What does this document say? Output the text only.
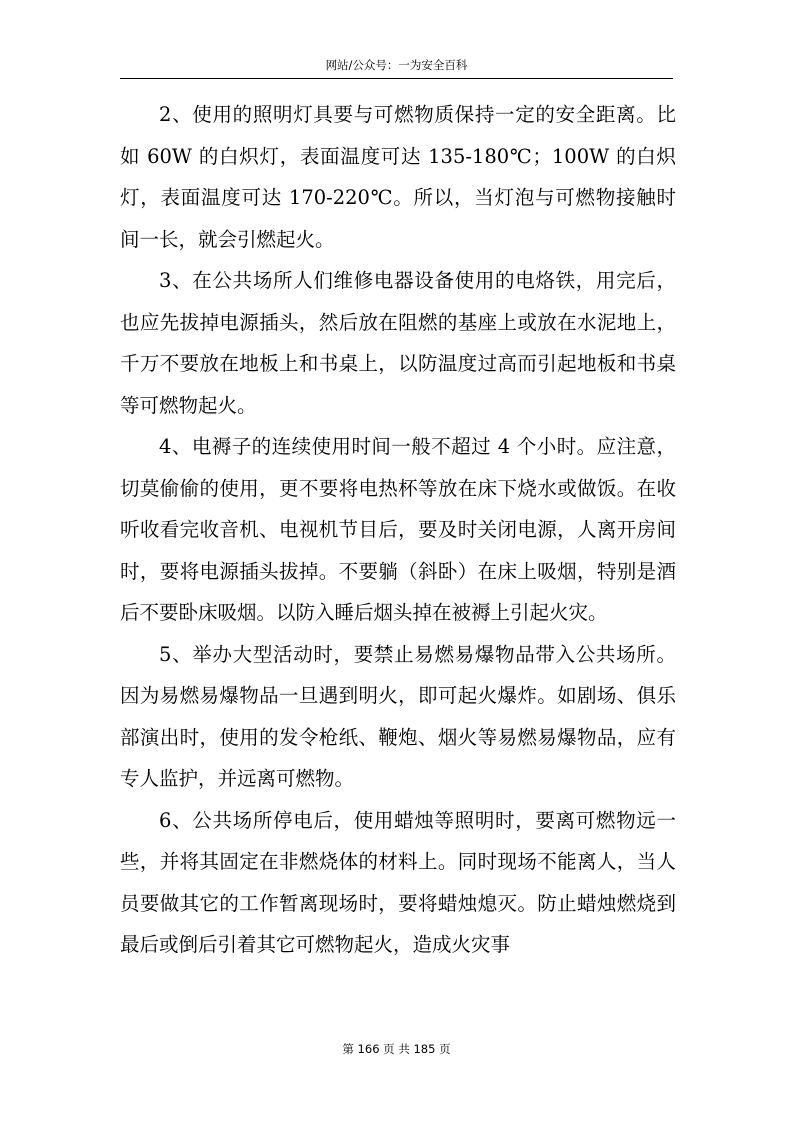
网站/公众号：一为安全百科

2、使用的照明灯具要与可燃物质保持一定的安全距离。比如 60W 的白炽灯，表面温度可达 135-180℃；100W 的白炽灯，表面温度可达 170-220℃。所以，当灯泡与可燃物接触时间一长，就会引燃起火。

3、在公共场所人们维修电器设备使用的电烙铁，用完后，也应先拔掉电源插头，然后放在阻燃的基座上或放在水泥地上，千万不要放在地板上和书桌上，以防温度过高而引起地板和书桌等可燃物起火。

4、电褥子的连续使用时间一般不超过 4 个小时。应注意，切莫偷偷的使用，更不要将电热杯等放在床下烧水或做饭。在收听收看完收音机、电视机节目后，要及时关闭电源，人离开房间时，要将电源插头拔掉。不要躺（斜卧）在床上吸烟，特别是酒后不要卧床吸烟。以防入睡后烟头掉在被褥上引起火灾。

5、举办大型活动时，要禁止易燃易爆物品带入公共场所。因为易燃易爆物品一旦遇到明火，即可起火爆炸。如剧场、俱乐部演出时，使用的发令枪纸、鞭炮、烟火等易燃易爆物品，应有专人监护，并远离可燃物。

6、公共场所停电后，使用蜡烛等照明时，要离可燃物远一些，并将其固定在非燃烧体的材料上。同时现场不能离人，当人员要做其它的工作暂离现场时，要将蜡烛熄灭。防止蜡烛燃烧到最后或倒后引着其它可燃物起火，造成火灾事

第 166 页 共 185 页
